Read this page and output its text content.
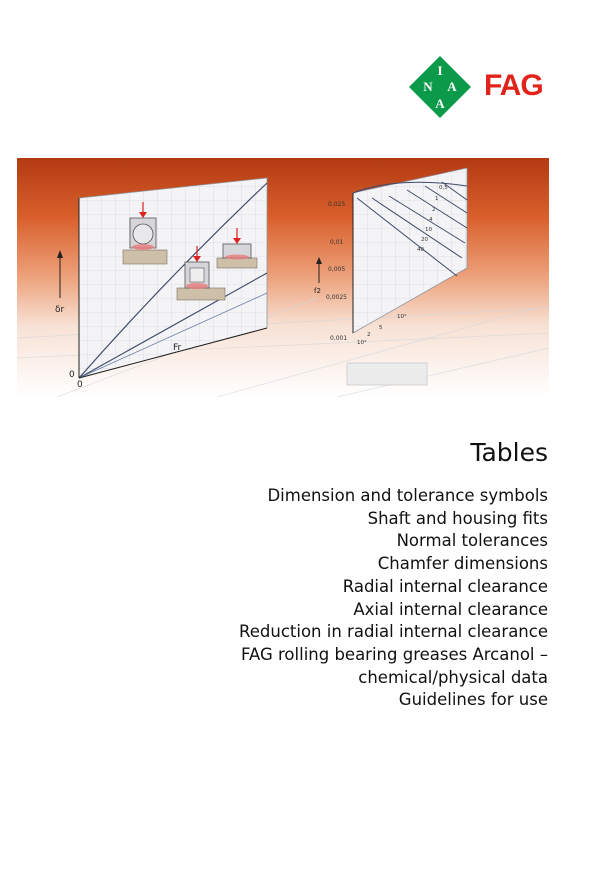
I
N A
A
FAG
δr
Fr
0
0
0,025
0,01
0,005
0,0025
0,001
f2
0,5
1
2
4
10
20
40
10³
10⁴
2
5
Tables
Dimension and tolerance symbols
Shaft and housing fits
Normal tolerances
Chamfer dimensions
Radial internal clearance
Axial internal clearance
Reduction in radial internal clearance
FAG rolling bearing greases Arcanol –
chemical/physical data
Guidelines for use
